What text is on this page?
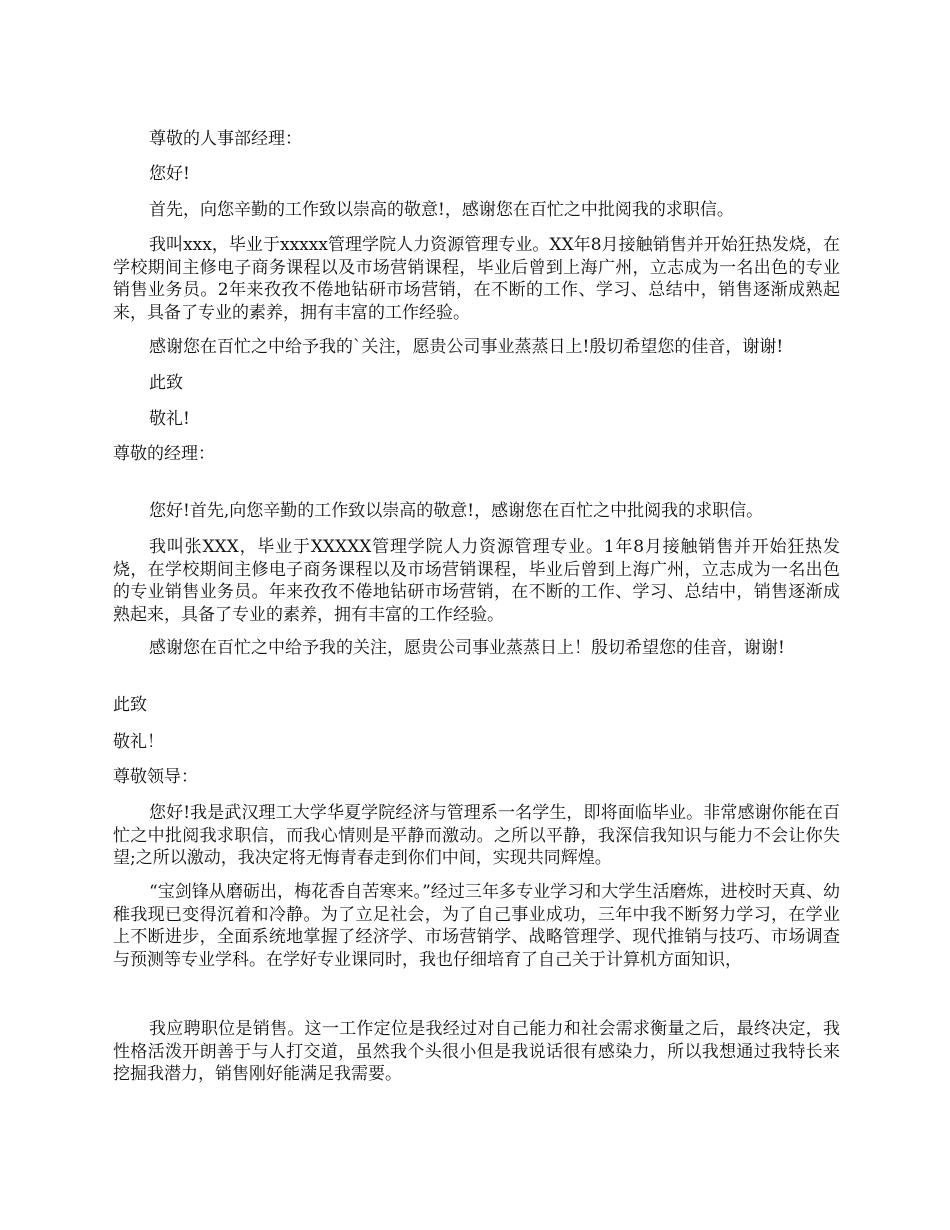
尊敬的人事部经理：
您好!
首先，向您辛勤的工作致以崇高的敬意!，感谢您在百忙之中批阅我的求职信。
我叫xxx，毕业于xxxxx管理学院人力资源管理专业。XX年8月接触销售并开始狂热发烧，在学校期间主修电子商务课程以及市场营销课程，毕业后曾到上海广州，立志成为一名出色的专业销售业务员。2年来孜孜不倦地钻研市场营销，在不断的工作、学习、总结中，销售逐渐成熟起来，具备了专业的素养，拥有丰富的工作经验。
感谢您在百忙之中给予我的`关注，愿贵公司事业蒸蒸日上!殷切希望您的佳音，谢谢!
此致
敬礼!
尊敬的经理：
您好!首先,向您辛勤的工作致以崇高的敬意!，感谢您在百忙之中批阅我的求职信。
我叫张XXX，毕业于XXXXX管理学院人力资源管理专业。1年8月接触销售并开始狂热发烧，在学校期间主修电子商务课程以及市场营销课程，毕业后曾到上海广州，立志成为一名出色的专业销售业务员。年来孜孜不倦地钻研市场营销，在不断的工作、学习、总结中，销售逐渐成熟起来，具备了专业的素养，拥有丰富的工作经验。
感谢您在百忙之中给予我的关注，愿贵公司事业蒸蒸日上！殷切希望您的佳音，谢谢!
此致
敬礼！
尊敬领导：
您好!我是武汉理工大学华夏学院经济与管理系一名学生，即将面临毕业。非常感谢你能在百忙之中批阅我求职信，而我心情则是平静而激动。之所以平静，我深信我知识与能力不会让你失望;之所以激动，我决定将无悔青春走到你们中间，实现共同辉煌。
“宝剑锋从磨砺出，梅花香自苦寒来。”经过三年多专业学习和大学生活磨炼，进校时天真、幼稚我现已变得沉着和冷静。为了立足社会，为了自己事业成功，三年中我不断努力学习，在学业上不断进步，全面系统地掌握了经济学、市场营销学、战略管理学、现代推销与技巧、市场调查与预测等专业学科。在学好专业课同时，我也仔细培育了自己关于计算机方面知识，
我应聘职位是销售。这一工作定位是我经过对自己能力和社会需求衡量之后，最终决定，我性格活泼开朗善于与人打交道，虽然我个头很小但是我说话很有感染力，所以我想通过我特长来挖掘我潜力，销售刚好能满足我需要。
